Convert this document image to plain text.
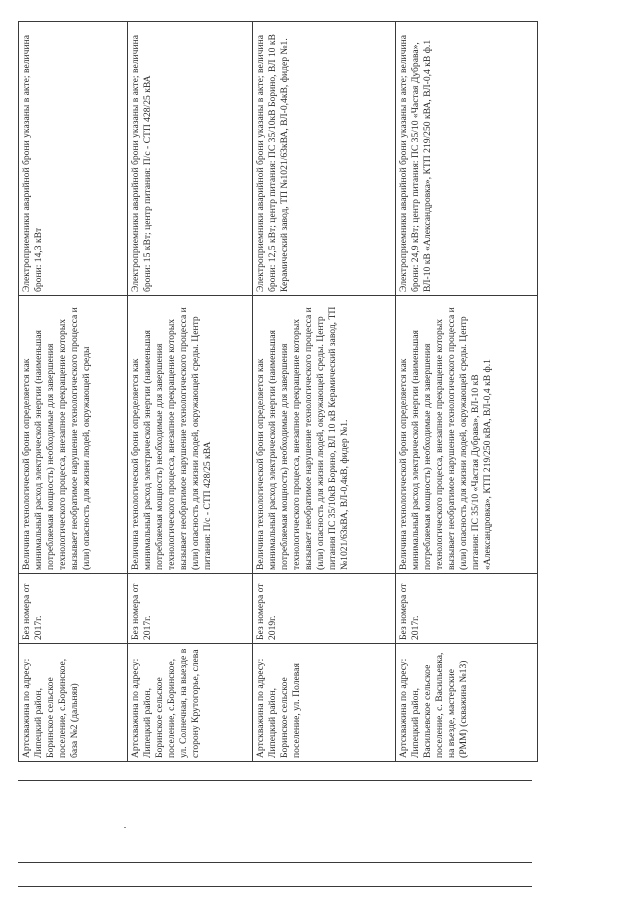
Артскважина по адресу: Липецкий район, Боринское сельское поселение, с.Боринское, база №2 (дальняя)	Без номера от 2017г.	Величина технологической брони определяется как минимальный расход электрической энергии (наименьшая потребляемая мощность) необходимые для завершения технологического процесса, внезапное прекращение которых вызывает необратимое нарушение технологического процесса и (или) опасность для жизни людей, окружающей среды	Электроприемники аварийной брони указаны в акте; величина брони: 14,3 кВт
Артскважина по адресу: Липецкий район, Боринское сельское поселение, с.Боринское, ул. Солнечная, на выезде в сторону Крутогорье, слева	Без номера от 2017г.	Величина технологической брони определяется как минимальный расход электрической энергии (наименьшая потребляемая мощность) необходимые для завершения технологического процесса, внезапное прекращение которых вызывает необратимое нарушение технологического процесса и (или) опасность для жизни людей, окружающей среды. Центр питания: П/с - СТП 428/25 кВА	Электроприемники аварийной брони указаны в акте; величина брони: 15 кВт; центр питания: П/с - СТП 428/25 кВА
Артскважина по адресу: Липецкий район, Боринское сельское поселение, ул. Полевая	Без номера от 2019г.	Величина технологической брони определяется как минимальный расход электрической энергии (наименьшая потребляемая мощность) необходимые для завершения технологического процесса, внезапное прекращение которых вызывает необратимое нарушение технологического процесса и (или) опасность для жизни людей, окружающей среды. Центр питания ПС 35/10кВ Борино, ВЛ 10 кВ Керамический завод, ТП №1021/63кВА, ВЛ-0,4кВ, фидер №1.	Электроприемники аварийной брони указаны в акте; величина брони: 12,5 кВт; центр питания: ПС 35/10кВ Борино, ВЛ 10 кВ Керамический завод, ТП №1021/63кВА, ВЛ-0,4кВ, фидер №1.
Артскважина по адресу: Липецкий район, Васильевское сельское поселение, с. Васильевка, на въезде, мастерские (РММ) (скважина №13)	Без номера от 2017г.	Величина технологической брони определяется как минимальный расход электрической энергии (наименьшая потребляемая мощность) необходимые для завершения технологического процесса, внезапное прекращение которых вызывает необратимое нарушение технологического процесса и (или) опасность для жизни людей, окружающей среды. Центр питания: ПС 35/10 «Частая Дубрава», ВЛ-10 кВ «Александровка», КТП 219/250 кВА, ВЛ-0,4 кВ ф.1	Электроприемники аварийной брони указаны в акте; величина брони: 24,9 кВт; центр питания: ПС 35/10 «Частая Дубрава», ВЛ-10 кВ «Александровка», КТП 219/250 кВА, ВЛ-0,4 кВ ф.1
